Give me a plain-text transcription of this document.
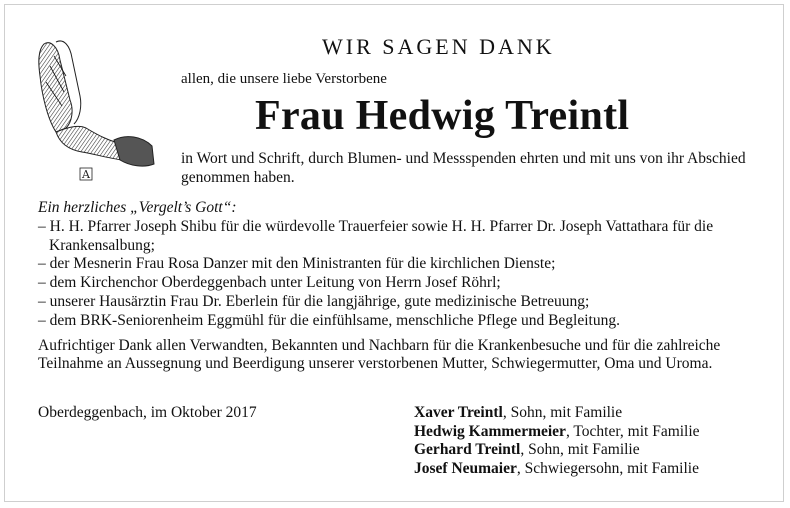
A
WIR SAGEN DANK
allen, die unsere liebe Verstorbene
Frau Hedwig Treintl
in Wort und Schrift, durch Blumen- und Messspenden ehrten und mit uns von ihr Abschied genommen haben.
Ein herzliches „Vergelt’s Gott“:
– H. H. Pfarrer Joseph Shibu für die würdevolle Trauerfeier sowie H. H. Pfarrer Dr. Joseph Vattathara für die Krankensalbung;
– der Mesnerin Frau Rosa Danzer mit den Ministranten für die kirchlichen Dienste;
– dem Kirchenchor Oberdeggenbach unter Leitung von Herrn Josef Röhrl;
– unserer Hausärztin Frau Dr. Eberlein für die langjährige, gute medizinische Betreuung;
– dem BRK-Seniorenheim Eggmühl für die einfühlsame, menschliche Pflege und Begleitung.
Aufrichtiger Dank allen Verwandten, Bekannten und Nachbarn für die Krankenbesuche und für die zahlreiche Teilnahme an Aussegnung und Beerdigung unserer verstorbenen Mutter, Schwiegermutter, Oma und Uroma.
Oberdeggenbach, im Oktober 2017	Xaver Treintl, Sohn, mit Familie
Hedwig Kammermeier, Tochter, mit Familie
Gerhard Treintl, Sohn, mit Familie
Josef Neumaier, Schwiegersohn, mit Familie
